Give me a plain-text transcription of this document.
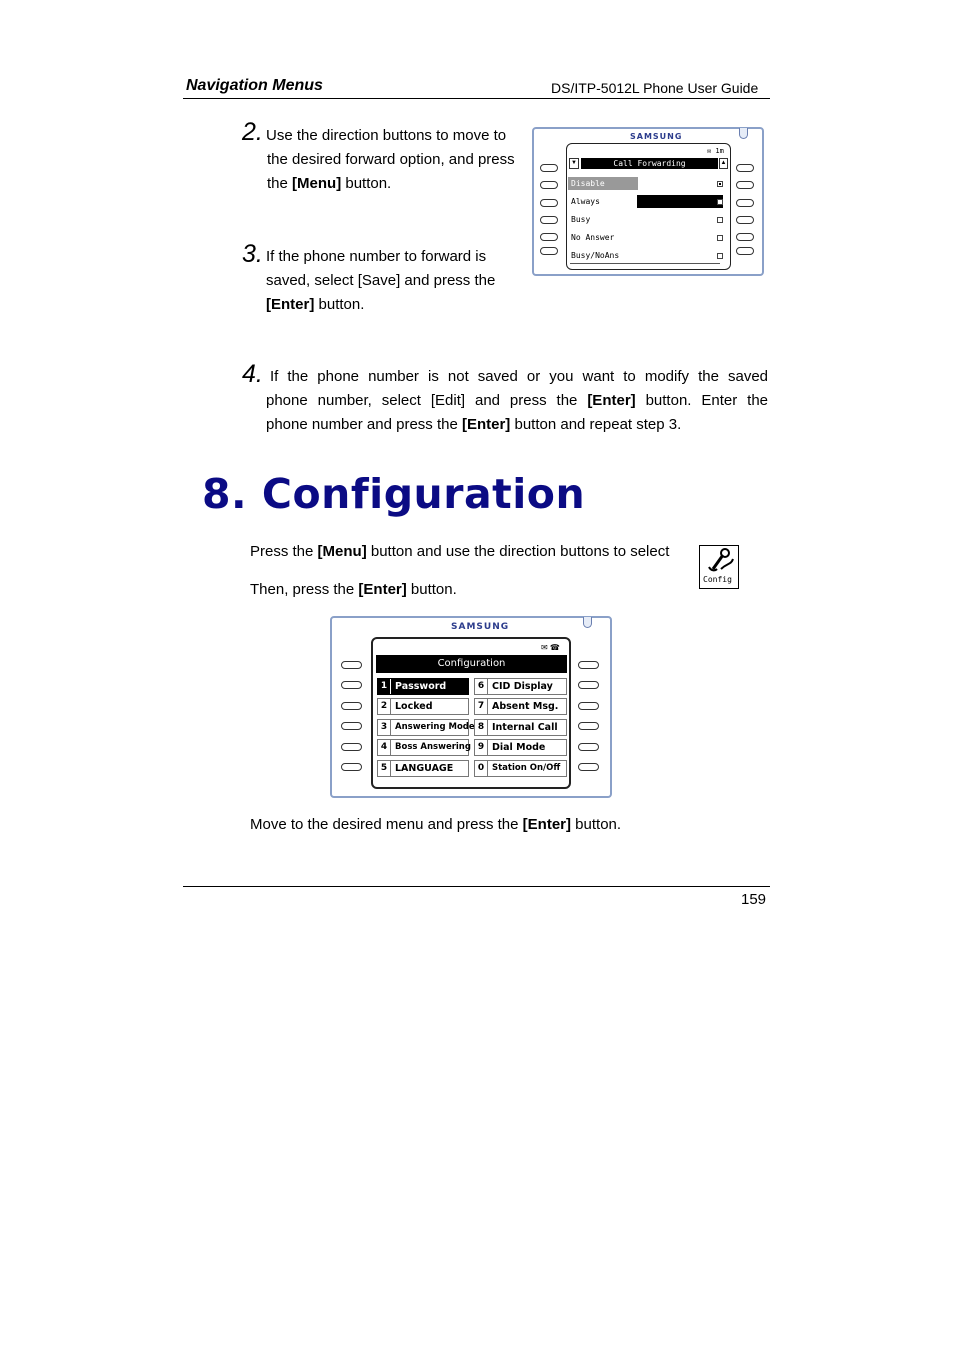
Navigation Menus	DS/ITP-5012L Phone User Guide
2. Use the direction buttons to move to
the desired forward option, and press
the [Menu] button.
3. If the phone number to forward is
saved, select [Save] and press the
[Enter] button.
SAMSUNG
✉ 1m
▼	Call Forwarding	▲
Disable
Always
Busy
No Answer
Busy/NoAns
4. If the phone number is not saved or you want to modify the saved
phone number, select [Edit] and press the [Enter] button. Enter the
phone number and press the [Enter] button and repeat step 3.
8. Configuration
Press the [Menu] button and use the direction buttons to select
Then, press the [Enter] button.
Config
SAMSUNG
✉ ☎
Configuration
1 Password
2 Locked
3 Answering Mode
4 Boss Answering
5 LANGUAGE
6 CID Display
7 Absent Msg.
8 Internal Call
9 Dial Mode
0 Station On/Off
Move to the desired menu and press the [Enter] button.
159
